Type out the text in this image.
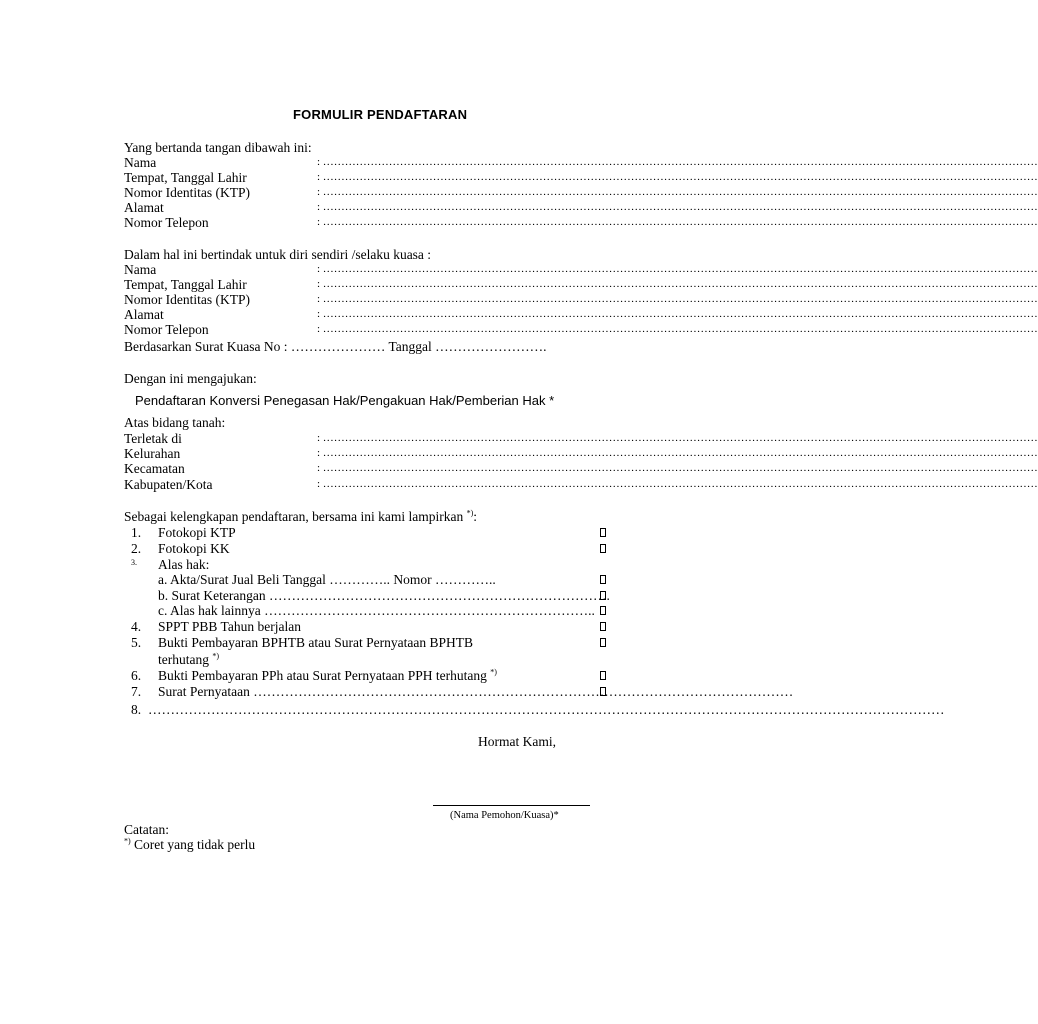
FORMULIR PENDAFTARAN
Yang bertanda tangan dibawah ini:
Nama	: ……………………………………………………………………………………………………………………………………………………………………………
Tempat, Tanggal Lahir	: ……………………………………………………………………………………………………………………………………………………………………………
Nomor Identitas (KTP)	: ……………………………………………………………………………………………………………………………………………………………………………
Alamat	: ……………………………………………………………………………………………………………………………………………………………………………
Nomor Telepon	: ……………………………………………………………………………………………………………………………………………………………………………
Dalam hal ini bertindak untuk diri sendiri /selaku kuasa :
Nama	: ……………………………………………………………………………………………………………………………………………………………………………
Tempat, Tanggal Lahir	: ……………………………………………………………………………………………………………………………………………………………………………
Nomor Identitas (KTP)	: ……………………………………………………………………………………………………………………………………………………………………………
Alamat	: ……………………………………………………………………………………………………………………………………………………………………………
Nomor Telepon	: ……………………………………………………………………………………………………………………………………………………………………………
Berdasarkan Surat Kuasa No : ………………… Tanggal …………………….
Dengan ini mengajukan:
Pendaftaran Konversi Penegasan Hak/Pengakuan Hak/Pemberian Hak *
Atas bidang tanah:
Terletak di	: ……………………………………………………………………………………………………………………………………………………………………………
Kelurahan	: ……………………………………………………………………………………………………………………………………………………………………………
Kecamatan	: ……………………………………………………………………………………………………………………………………………………………………………
Kabupaten/Kota	: ……………………………………………………………………………………………………………………………………………………………………………
Sebagai kelengkapan pendaftaran, bersama ini kami lampirkan *):
1. Fotokopi KTP
2. Fotokopi KK
3. Alas hak:
a. Akta/Surat Jual Beli Tanggal ………….. Nomor …………..
b. Surat Keterangan ………………………………………………………………….
c. Alas hak lainnya ………………………………………………………………..
4. SPPT PBB Tahun berjalan
5. Bukti Pembayaran BPHTB atau Surat Pernyataan BPHTB
terhutang *)
6. Bukti Pembayaran PPh atau Surat Pernyataan PPH terhutang *)
7. Surat Pernyataan …………………………………………………………………………………………………………
8. ……………………………………………………………………………………………………………………………………………………………
Hormat Kami,
(Nama Pemohon/Kuasa)*
Catatan:
*) Coret yang tidak perlu
